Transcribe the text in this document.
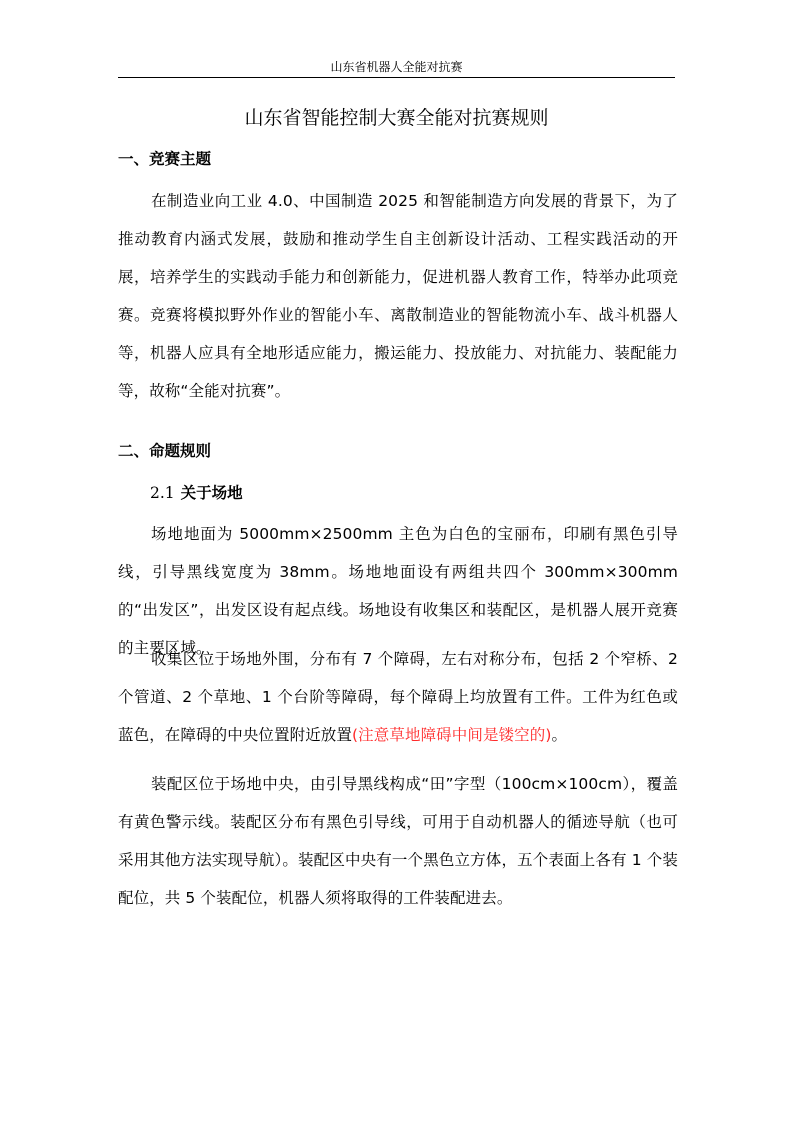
山东省机器人全能对抗赛
山东省智能控制大赛全能对抗赛规则
一、竞赛主题

在制造业向工业 4.0、中国制造 2025 和智能制造方向发展的背景下，为了推动教育内涵式发展，鼓励和推动学生自主创新设计活动、工程实践活动的开展，培养学生的实践动手能力和创新能力，促进机器人教育工作，特举办此项竞赛。竞赛将模拟野外作业的智能小车、离散制造业的智能物流小车、战斗机器人等，机器人应具有全地形适应能力，搬运能力、投放能力、对抗能力、装配能力等，故称“全能对抗赛”。

二、命题规则
2.1 关于场地

场地地面为 5000mm×2500mm 主色为白色的宝丽布，印刷有黑色引导线，引导黑线宽度为 38mm。场地地面设有两组共四个 300mm×300mm 的“出发区”，出发区设有起点线。场地设有收集区和装配区，是机器人展开竞赛的主要区域。

收集区位于场地外围，分布有 7 个障碍，左右对称分布，包括 2 个窄桥、2 个管道、2 个草地、1 个台阶等障碍，每个障碍上均放置有工件。工件为红色或蓝色，在障碍的中央位置附近放置(注意草地障碍中间是镂空的)。

装配区位于场地中央，由引导黑线构成“田”字型（100cm×100cm），覆盖有黄色警示线。装配区分布有黑色引导线，可用于自动机器人的循迹导航（也可采用其他方法实现导航）。装配区中央有一个黑色立方体，五个表面上各有 1 个装配位，共 5 个装配位，机器人须将取得的工件装配进去。
